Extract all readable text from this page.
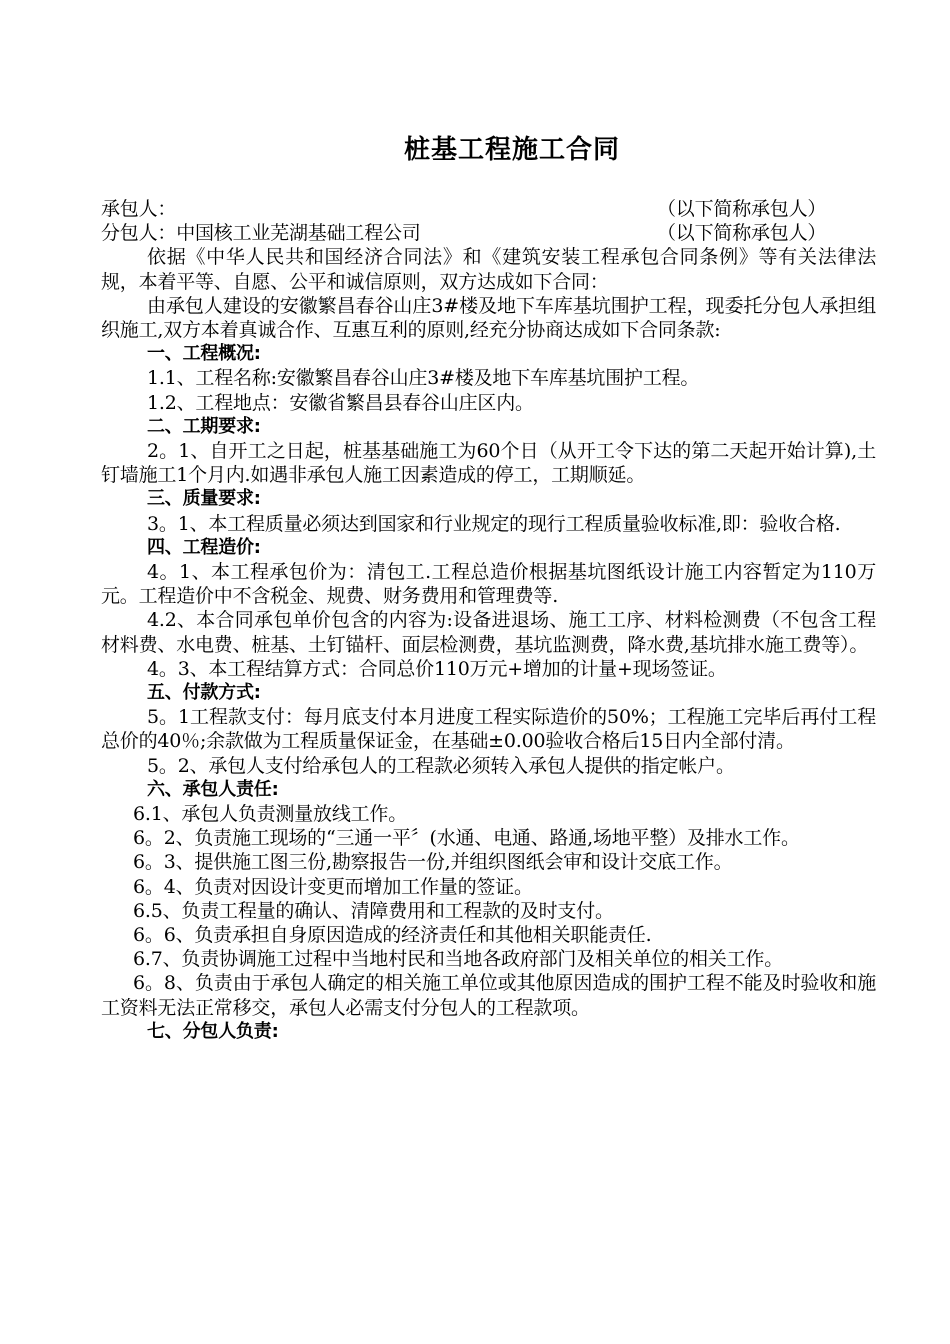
桩基工程施工合同
承包人：	（以下简称承包人）
分包人：中国核工业芜湖基础工程公司	（以下简称承包人）
依据《中华人民共和国经济合同法》和《建筑安装工程承包合同条例》等有关法律法规，本着平等、自愿、公平和诚信原则，双方达成如下合同：
由承包人建设的安徽繁昌春谷山庄3#楼及地下车库基坑围护工程，现委托分包人承担组织施工,双方本着真诚合作、互惠互利的原则,经充分协商达成如下合同条款:
一、工程概况:
1.1、工程名称:安徽繁昌春谷山庄3#楼及地下车库基坑围护工程。
1.2、工程地点：安徽省繁昌县春谷山庄区内。
二、工期要求:
2。1、自开工之日起，桩基基础施工为60个日（从开工令下达的第二天起开始计算),土钉墙施工1个月内.如遇非承包人施工因素造成的停工，工期顺延。
三、质量要求:
3。1、本工程质量必须达到国家和行业规定的现行工程质量验收标准,即：验收合格.
四、工程造价:
4。1、本工程承包价为：清包工.工程总造价根据基坑图纸设计施工内容暂定为110万元。工程造价中不含税金、规费、财务费用和管理费等.
4.2、本合同承包单价包含的内容为:设备进退场、施工工序、材料检测费（不包含工程材料费、水电费、桩基、土钉锚杆、面层检测费，基坑监测费，降水费,基坑排水施工费等）。
4。3、本工程结算方式：合同总价110万元+增加的计量+现场签证。
五、付款方式:
5。1工程款支付：每月底支付本月进度工程实际造价的50%；工程施工完毕后再付工程总价的40％;余款做为工程质量保证金，在基础±0.00验收合格后15日内全部付清。
5。2、承包人支付给承包人的工程款必须转入承包人提供的指定帐户。
六、承包人责任:
6.1、承包人负责测量放线工作。
6。2、负责施工现场的“三通一平〞(水通、电通、路通,场地平整）及排水工作。
6。3、提供施工图三份,勘察报告一份,并组织图纸会审和设计交底工作。
6。4、负责对因设计变更而增加工作量的签证。
6.5、负责工程量的确认、清障费用和工程款的及时支付。
6。6、负责承担自身原因造成的经济责任和其他相关职能责任.
6.7、负责协调施工过程中当地村民和当地各政府部门及相关单位的相关工作。
6。8、负责由于承包人确定的相关施工单位或其他原因造成的围护工程不能及时验收和施工资料无法正常移交，承包人必需支付分包人的工程款项。
七、分包人负责:
